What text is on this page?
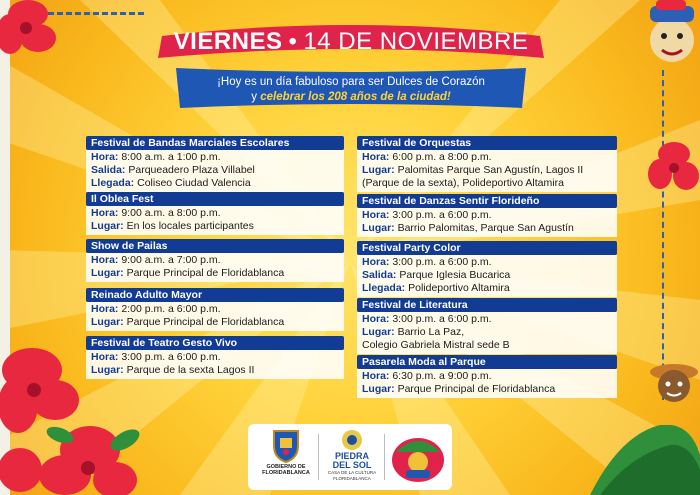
VIERNES • 14 DE NOVIEMBRE
¡Hoy es un día fabuloso para ser Dulces de Corazón
y celebrar los 208 años de la ciudad!
Festival de Bandas Marciales Escolares
Hora: 8:00 a.m. a 1:00 p.m.
Salida: Parqueadero Plaza Villabel
Llegada: Coliseo Ciudad Valencia
Il Oblea Fest
Hora: 9:00 a.m. a 8:00 p.m.
Lugar: En los locales participantes
Show de Pailas
Hora: 9:00 a.m. a 7:00 p.m.
Lugar: Parque Principal de Floridablanca
Reinado Adulto Mayor
Hora: 2:00 p.m. a 6:00 p.m.
Lugar: Parque Principal de Floridablanca
Festival de Teatro Gesto Vivo
Hora: 3:00 p.m. a 6:00 p.m.
Lugar: Parque de la sexta Lagos II
Festival de Orquestas
Hora: 6:00 p.m. a 8:00 p.m.
Lugar: Palomitas Parque San Agustín, Lagos II
(Parque de la sexta), Polideportivo Altamira
Festival de Danzas Sentir Florideño
Hora: 3:00 p.m. a 6:00 p.m.
Lugar: Barrio Palomitas, Parque San Agustín
Festival Party Color
Hora: 3:00 p.m. a 6:00 p.m.
Salida: Parque Iglesia Bucarica
Llegada: Polideportivo Altamira
Festival de Literatura
Hora: 3:00 p.m. a 6:00 p.m.
Lugar: Barrio La Paz,
Colegio Gabriela Mistral sede B
Pasarela Moda al Parque
Hora: 6:30 p.m. a 9:00 p.m.
Lugar: Parque Principal de Floridablanca
GOBIERNO DE
FLORIDABLANCA
PIEDRA
DEL SOL
CASA DE LA CULTURA
FLORIDABLANCA
